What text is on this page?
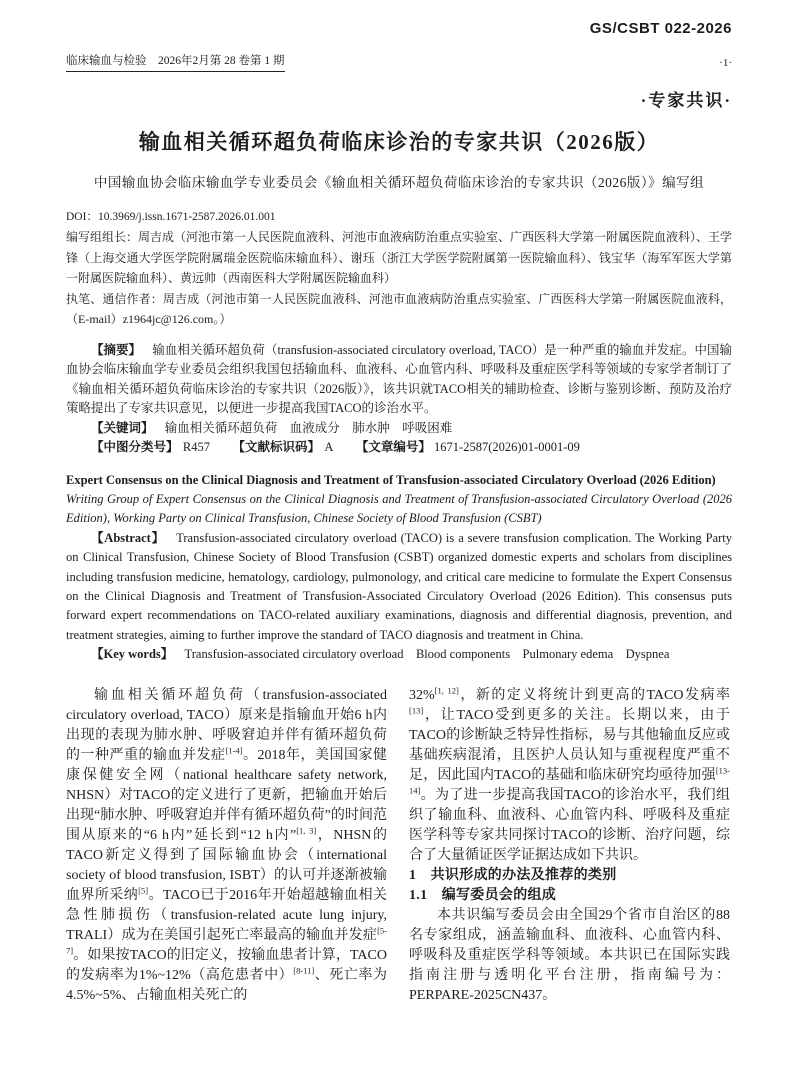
GS/CSBT 022-2026
临床输血与检验　2026年2月第 28 卷第 1 期	·1·
·专家共识·
输血相关循环超负荷临床诊治的专家共识（2026版）
中国输血协会临床输血学专业委员会《输血相关循环超负荷临床诊治的专家共识（2026版）》编写组
DOI：10.3969/j.issn.1671-2587.2026.01.001

编写组组长：周吉成（河池市第一人民医院血液科、河池市血液病防治重点实验室、广西医科大学第一附属医院血液科）、王学锋（上海交通大学医学院附属瑞金医院临床输血科）、谢珏（浙江大学医学院附属第一医院输血科）、钱宝华（海军军医大学第一附属医院输血科）、黄远帅（西南医科大学附属医院输血科）

执笔、通信作者：周吉成（河池市第一人民医院血液科、河池市血液病防治重点实验室、广西医科大学第一附属医院血液科，（E-mail）z1964jc@126.com。）

【摘要】 输血相关循环超负荷（transfusion-associated circulatory overload, TACO）是一种严重的输血并发症。中国输血协会临床输血学专业委员会组织我国包括输血科、血液科、心血管内科、呼吸科及重症医学科等领域的专家学者制订了《输血相关循环超负荷临床诊治的专家共识（2026版）》，该共识就TACO相关的辅助检查、诊断与鉴别诊断、预防及治疗策略提出了专家共识意见，以便进一步提高我国TACO的诊治水平。

【关键词】 输血相关循环超负荷　血液成分　肺水肿　呼吸困难

【中图分类号】 R457 【文献标识码】 A 【文章编号】 1671-2587(2026)01-0001-09

Expert Consensus on the Clinical Diagnosis and Treatment of Transfusion-associated Circulatory Overload (2026 Edition)

Writing Group of Expert Consensus on the Clinical Diagnosis and Treatment of Transfusion-associated Circulatory Overload (2026 Edition), Working Party on Clinical Transfusion, Chinese Society of Blood Transfusion (CSBT)

【Abstract】 Transfusion-associated circulatory overload (TACO) is a severe transfusion complication. The Working Party on Clinical Transfusion, Chinese Society of Blood Transfusion (CSBT) organized domestic experts and scholars from disciplines including transfusion medicine, hematology, cardiology, pulmonology, and critical care medicine to formulate the Expert Consensus on the Clinical Diagnosis and Treatment of Transfusion-Associated Circulatory Overload (2026 Edition). This consensus puts forward expert recommendations on TACO-related auxiliary examinations, diagnosis and differential diagnosis, prevention, and treatment strategies, aiming to further improve the standard of TACO diagnosis and treatment in China.

【Key words】 Transfusion-associated circulatory overload　Blood components　Pulmonary edema　Dyspnea

输血相关循环超负荷（transfusion-associated circulatory overload, TACO）原来是指输血开始6 h内出现的表现为肺水肿、呼吸窘迫并伴有循环超负荷的一种严重的输血并发症[1-4]。2018年，美国国家健康保健安全网（national healthcare safety network, NHSN）对TACO的定义进行了更新，把输血开始后出现“肺水肿、呼吸窘迫并伴有循环超负荷”的时间范围从原来的“6 h内”延长到“12 h内”[1, 3]，NHSN的TACO新定义得到了国际输血协会（international society of blood transfusion, ISBT）的认可并逐渐被输血界所采纳[5]。TACO已于2016年开始超越输血相关急性肺损伤（transfusion-related acute lung injury, TRALI）成为在美国引起死亡率最高的输血并发症[5-7]。如果按TACO的旧定义，按输血患者计算，TACO的发病率为1%~12%（高危患者中）[8-11]、死亡率为4.5%~5%、占输血相关死亡的

32%[1, 12]，新的定义将统计到更高的TACO发病率[13]，让TACO受到更多的关注。长期以来，由于TACO的诊断缺乏特异性指标，易与其他输血反应或基础疾病混淆，且医护人员认知与重视程度严重不足，因此国内TACO的基础和临床研究均亟待加强[13-14]。为了进一步提高我国TACO的诊治水平，我们组织了输血科、血液科、心血管内科、呼吸科及重症医学科等专家共同探讨TACO的诊断、治疗问题，综合了大量循证医学证据达成如下共识。

1　共识形成的办法及推荐的类别
1.1　编写委员会的组成

本共识编写委员会由全国29个省市自治区的88名专家组成，涵盖输血科、血液科、心血管内科、呼吸科及重症医学科等领域。本共识已在国际实践指南注册与透明化平台注册，指南编号为：PERPARE-2025CN437。
